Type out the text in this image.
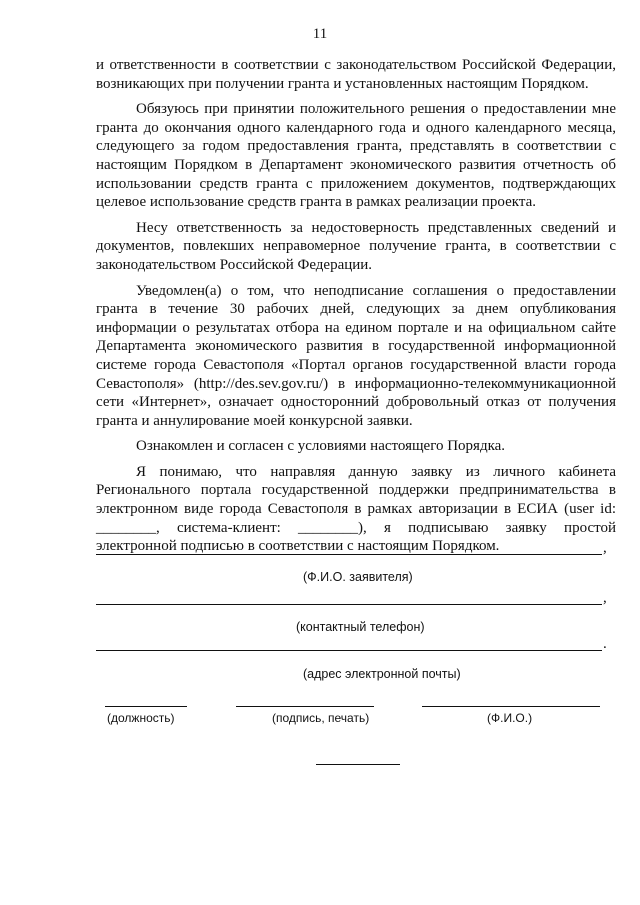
11

и ответственности в соответствии с законодательством Российской Федерации, возникающих при получении гранта и установленных настоящим Порядком.

Обязуюсь при принятии положительного решения о предоставлении мне гранта до окончания одного календарного года и одного календарного месяца, следующего за годом предоставления гранта, представлять в соответствии с настоящим Порядком в Департамент экономического развития отчетность об использовании средств гранта с приложением документов, подтверждающих целевое использование средств гранта в рамках реализации проекта.

Несу ответственность за недостоверность представленных сведений и документов, повлекших неправомерное получение гранта, в соответствии с законодательством Российской Федерации.

Уведомлен(а) о том, что неподписание соглашения о предоставлении гранта в течение 30 рабочих дней, следующих за днем опубликования информации о результатах отбора на едином портале и на официальном сайте Департамента экономического развития в государственной информационной системе города Севастополя «Портал органов государственной власти города Севастополя» (http://des.sev.gov.ru/) в информационно-телекоммуникационной сети «Интернет», означает односторонний добровольный отказ от получения гранта и аннулирование моей конкурсной заявки.

Ознакомлен и согласен с условиями настоящего Порядка.

Я понимаю, что направляя данную заявку из личного кабинета Регионального портала государственной поддержки предпринимательства в электронном виде города Севастополя в рамках авторизации в ЕСИА (user id: ________, система-клиент: ________), я подписываю заявку простой электронной подписью в соответствии с настоящим Порядком.	,
(Ф.И.О. заявителя)
,
(контактный телефон)
.
(адрес электронной почты)
(должность)	(подпись, печать)	(Ф.И.О.)
